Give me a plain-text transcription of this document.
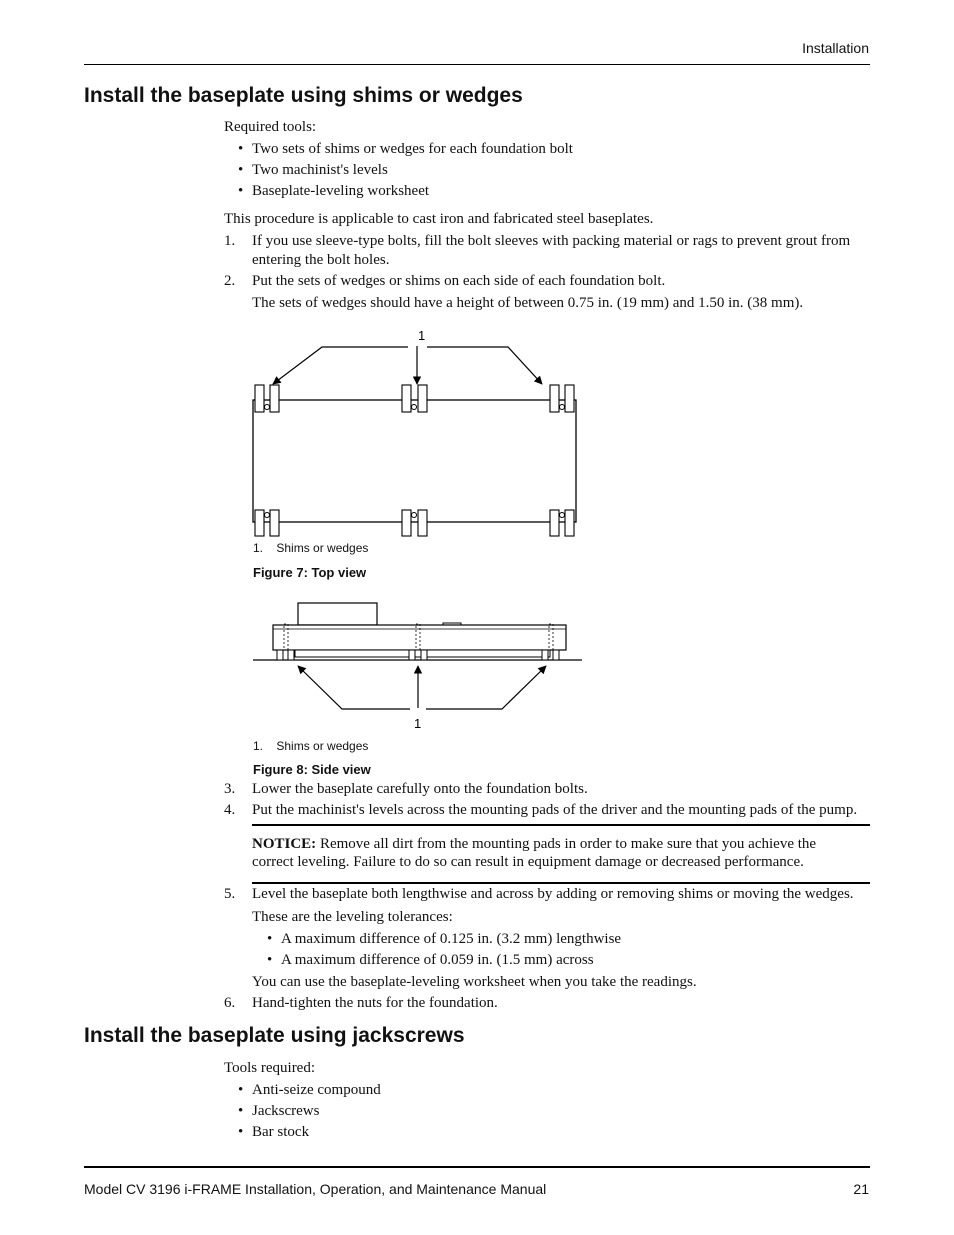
Installation
Install the baseplate using shims or wedges
Required tools:
• Two sets of shims or wedges for each foundation bolt
• Two machinist's levels
• Baseplate-leveling worksheet
This procedure is applicable to cast iron and fabricated steel baseplates.
1. If you use sleeve-type bolts, fill the bolt sleeves with packing material or rags to prevent grout from
entering the bolt holes.
2. Put the sets of wedges or shims on each side of each foundation bolt.
The sets of wedges should have a height of between 0.75 in. (19 mm) and 1.50 in. (38 mm).
1
1. Shims or wedges
Figure 7: Top view
1
1. Shims or wedges
Figure 8: Side view
3. Lower the baseplate carefully onto the foundation bolts.
4. Put the machinist's levels across the mounting pads of the driver and the mounting pads of the pump.
NOTICE: Remove all dirt from the mounting pads in order to make sure that you achieve the
correct leveling. Failure to do so can result in equipment damage or decreased performance.
5. Level the baseplate both lengthwise and across by adding or removing shims or moving the wedges.
These are the leveling tolerances:
• A maximum difference of 0.125 in. (3.2 mm) lengthwise
• A maximum difference of 0.059 in. (1.5 mm) across
You can use the baseplate-leveling worksheet when you take the readings.
6. Hand-tighten the nuts for the foundation.
Install the baseplate using jackscrews
Tools required:
• Anti-seize compound
• Jackscrews
• Bar stock
Model CV 3196 i-FRAME Installation, Operation, and Maintenance Manual	21
